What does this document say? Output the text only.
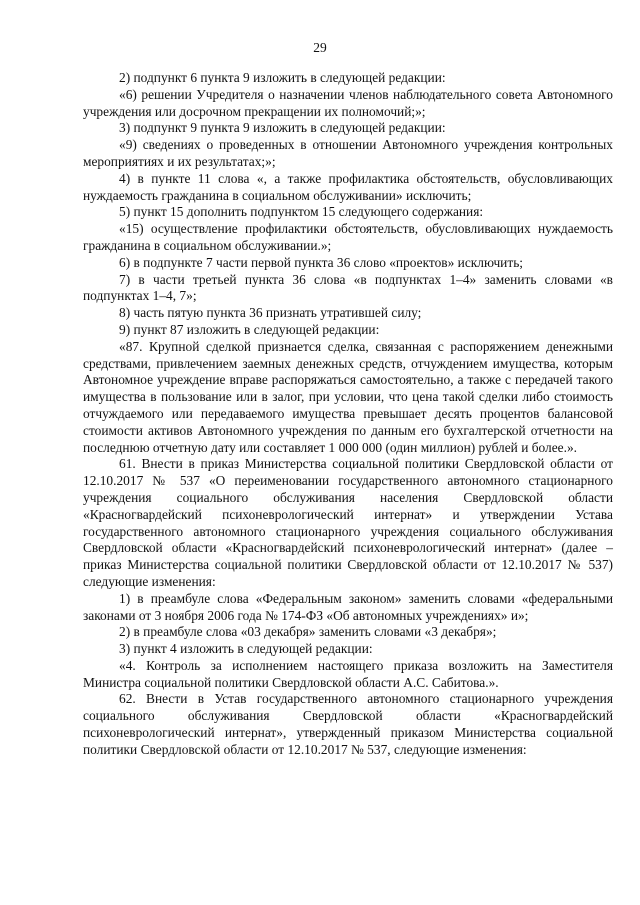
29

2) подпункт 6 пункта 9 изложить в следующей редакции:

«6) решении Учредителя о назначении членов наблюдательного совета Автономного учреждения или досрочном прекращении их полномочий;»;

3) подпункт 9 пункта 9 изложить в следующей редакции:

«9) сведениях о проведенных в отношении Автономного учреждения контрольных мероприятиях и их результатах;»;

4) в пункте 11 слова «, а также профилактика обстоятельств, обусловливающих нуждаемость гражданина в социальном обслуживании» исключить;

5) пункт 15 дополнить подпунктом 15 следующего содержания:

«15) осуществление профилактики обстоятельств, обусловливающих нуждаемость гражданина в социальном обслуживании.»;

6) в подпункте 7 части первой пункта 36 слово «проектов» исключить;

7) в части третьей пункта 36 слова «в подпунктах 1–4» заменить словами «в подпунктах 1–4, 7»;

8) часть пятую пункта 36 признать утратившей силу;

9) пункт 87 изложить в следующей редакции:

«87. Крупной сделкой признается сделка, связанная с распоряжением денежными средствами, привлечением заемных денежных средств, отчуждением имущества, которым Автономное учреждение вправе распоряжаться самостоятельно, а также с передачей такого имущества в пользование или в залог, при условии, что цена такой сделки либо стоимость отчуждаемого или передаваемого имущества превышает десять процентов балансовой стоимости активов Автономного учреждения по данным его бухгалтерской отчетности на последнюю отчетную дату или составляет 1 000 000 (один миллион) рублей и более.».

61. Внести в приказ Министерства социальной политики Свердловской области от 12.10.2017 № 537 «О переименовании государственного автономного стационарного учреждения социального обслуживания населения Свердловской области «Красногвардейский психоневрологический интернат» и утверждении Устава государственного автономного стационарного учреждения социального обслуживания Свердловской области «Красногвардейский психоневрологический интернат» (далее – приказ Министерства социальной политики Свердловской области от 12.10.2017 № 537) следующие изменения:

1) в преамбуле слова «Федеральным законом» заменить словами «федеральными законами от 3 ноября 2006 года № 174-ФЗ «Об автономных учреждениях» и»;

2) в преамбуле слова «03 декабря» заменить словами «3 декабря»;

3) пункт 4 изложить в следующей редакции:

«4. Контроль за исполнением настоящего приказа возложить на Заместителя Министра социальной политики Свердловской области А.С. Сабитова.».

62. Внести в Устав государственного автономного стационарного учреждения социального обслуживания Свердловской области «Красногвардейский психоневрологический интернат», утвержденный приказом Министерства социальной политики Свердловской области от 12.10.2017 № 537, следующие изменения:
